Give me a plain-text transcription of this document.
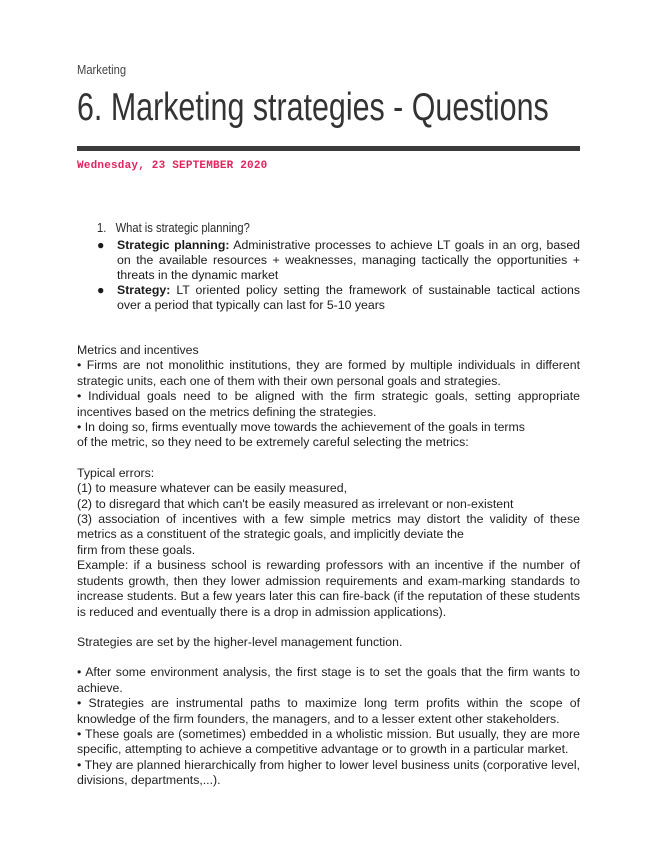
Marketing
6. Marketing strategies - Questions
Wednesday, 23 SEPTEMBER 2020
1. What is strategic planning?
● Strategic planning: Administrative processes to achieve LT goals in an org, based on the available resources + weaknesses, managing tactically the opportunities + threats in the dynamic market
● Strategy: LT oriented policy setting the framework of sustainable tactical actions over a period that typically can last for 5-10 years

Metrics and incentives

• Firms are not monolithic institutions, they are formed by multiple individuals in different strategic units, each one of them with their own personal goals and strategies.

• Individual goals need to be aligned with the firm strategic goals, setting appropriate incentives based on the metrics defining the strategies.

• In doing so, firms eventually move towards the achievement of the goals in terms

of the metric, so they need to be extremely careful selecting the metrics:

Typical errors:

(1) to measure whatever can be easily measured,

(2) to disregard that which can't be easily measured as irrelevant or non-existent

(3) association of incentives with a few simple metrics may distort the validity of these metrics as a constituent of the strategic goals, and implicitly deviate the

firm from these goals.

Example: if a business school is rewarding professors with an incentive if the number of students growth, then they lower admission requirements and exam-marking standards to increase students. But a few years later this can fire-back (if the reputation of these students is reduced and eventually there is a drop in admission applications).

Strategies are set by the higher-level management function.

• After some environment analysis, the first stage is to set the goals that the firm wants to achieve.

• Strategies are instrumental paths to maximize long term profits within the scope of knowledge of the firm founders, the managers, and to a lesser extent other stakeholders.

• These goals are (sometimes) embedded in a wholistic mission. But usually, they are more specific, attempting to achieve a competitive advantage or to growth in a particular market.

• They are planned hierarchically from higher to lower level business units (corporative level, divisions, departments,...).
